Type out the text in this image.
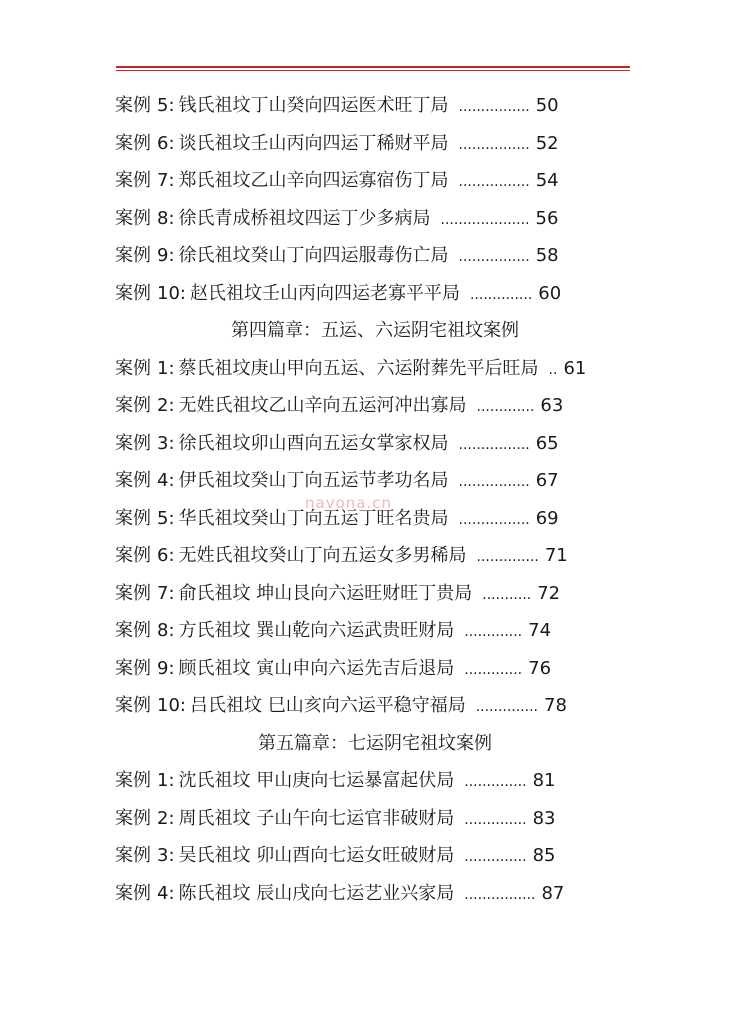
案例 5: 钱氏祖坟丁山癸向四运医术旺丁局 ................ 50
案例 6: 谈氏祖坟壬山丙向四运丁稀财平局 ................ 52
案例 7: 郑氏祖坟乙山辛向四运寡宿伤丁局 ................ 54
案例 8: 徐氏青成桥祖坟四运丁少多病局 .................... 56
案例 9: 徐氏祖坟癸山丁向四运服毒伤亡局 ................ 58
案例 10: 赵氏祖坟壬山丙向四运老寡平平局 .............. 60
第四篇章：五运、六运阴宅祖坟案例
案例 1: 蔡氏祖坟庚山甲向五运、六运附葬先平后旺局 .. 61
案例 2: 无姓氏祖坟乙山辛向五运河冲出寡局 ............. 63
案例 3: 徐氏祖坟卯山酉向五运女掌家权局 ................ 65
案例 4: 伊氏祖坟癸山丁向五运节孝功名局 ................ 67
案例 5: 华氏祖坟癸山丁向五运丁旺名贵局 ................ 69
案例 6: 无姓氏祖坟癸山丁向五运女多男稀局 .............. 71
案例 7: 俞氏祖坟 坤山艮向六运旺财旺丁贵局 ........... 72
案例 8: 方氏祖坟 巽山乾向六运武贵旺财局 ............. 74
案例 9: 顾氏祖坟 寅山申向六运先吉后退局 ............. 76
案例 10: 吕氏祖坟 巳山亥向六运平稳守福局 .............. 78
第五篇章：七运阴宅祖坟案例
案例 1: 沈氏祖坟 甲山庚向七运暴富起伏局 .............. 81
案例 2: 周氏祖坟 子山午向七运官非破财局 .............. 83
案例 3: 吴氏祖坟 卯山酉向七运女旺破财局 .............. 85
案例 4: 陈氏祖坟 辰山戌向七运艺业兴家局 ................ 87
navona.cn
